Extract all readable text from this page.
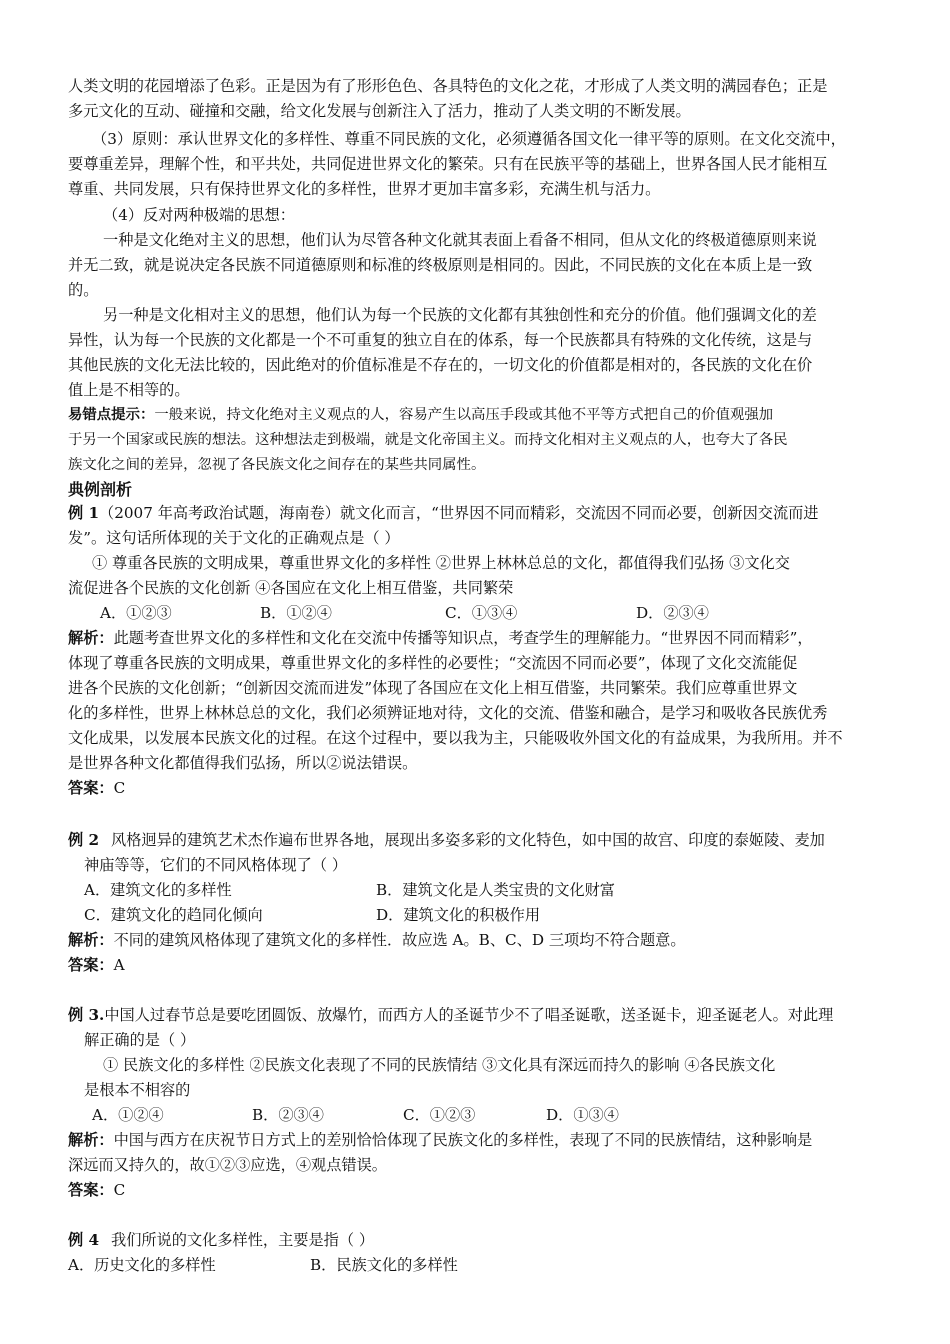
人类文明的花园增添了色彩。正是因为有了形形色色、各具特色的文化之花，才形成了人类文明的满园春色；正是
多元文化的互动、碰撞和交融，给文化发展与创新注入了活力，推动了人类文明的不断发展。
（3）原则：承认世界文化的多样性、尊重不同民族的文化，必须遵循各国文化一律平等的原则。在文化交流中，
要尊重差异，理解个性，和平共处，共同促进世界文化的繁荣。只有在民族平等的基础上，世界各国人民才能相互
尊重、共同发展，只有保持世界文化的多样性，世界才更加丰富多彩，充满生机与活力。
（4）反对两种极端的思想：
一种是文化绝对主义的思想，他们认为尽管各种文化就其表面上看备不相同，但从文化的终极道德原则来说
并无二致，就是说决定各民族不同道德原则和标准的终极原则是相同的。因此，不同民族的文化在本质上是一致
的。
另一种是文化相对主义的思想，他们认为每一个民族的文化都有其独创性和充分的价值。他们强调文化的差
异性，认为每一个民族的文化都是一个不可重复的独立自在的体系，每一个民族都具有特殊的文化传统，这是与
其他民族的文化无法比较的，因此绝对的价值标准是不存在的，一切文化的价值都是相对的，各民族的文化在价
值上是不相等的。
易错点提示：一般来说，持文化绝对主义观点的人，容易产生以高压手段或其他不平等方式把自己的价值观强加
于另一个国家或民族的想法。这种想法走到极端，就是文化帝国主义。而持文化相对主义观点的人，也夸大了各民
族文化之间的差异，忽视了各民族文化之间存在的某些共同属性。
典例剖析
例 1（2007 年高考政治试题，海南卷）就文化而言，“世界因不同而精彩，交流因不同而必要，创新因交流而进
发”。这句话所体现的关于文化的正确观点是（ ）
① 尊重各民族的文明成果，尊重世界文化的多样性 ②世界上林林总总的文化，都值得我们弘扬 ③文化交
流促进各个民族的文化创新 ④各国应在文化上相互借鉴，共同繁荣
A．①②③	B．①②④	C．①③④	D．②③④
解析：此题考查世界文化的多样性和文化在交流中传播等知识点，考查学生的理解能力。“世界因不同而精彩”，
体现了尊重各民族的文明成果，尊重世界文化的多样性的必要性；“交流因不同而必要”，体现了文化交流能促
进各个民族的文化创新；“创新因交流而进发”体现了各国应在文化上相互借鉴，共同繁荣。我们应尊重世界文
化的多样性，世界上林林总总的文化，我们必须辨证地对待，文化的交流、借鉴和融合，是学习和吸收各民族优秀
文化成果，以发展本民族文化的过程。在这个过程中，要以我为主，只能吸收外国文化的有益成果，为我所用。并不
是世界各种文化都值得我们弘扬，所以②说法错误。
答案：C
例 2 风格迥异的建筑艺术杰作遍布世界各地，展现出多姿多彩的文化特色，如中国的故宫、印度的泰姬陵、麦加
神庙等等，它们的不同风格体现了（ ）
A．建筑文化的多样性	B．建筑文化是人类宝贵的文化财富
C．建筑文化的趋同化倾向	D．建筑文化的积极作用
解析：不同的建筑风格体现了建筑文化的多样性．故应选 A。B、C、D 三项均不符合题意。
答案：A
例 3.中国人过春节总是要吃团圆饭、放爆竹，而西方人的圣诞节少不了唱圣诞歌，送圣诞卡，迎圣诞老人。对此理
解正确的是（ ）
① 民族文化的多样性 ②民族文化表现了不同的民族情结 ③文化具有深远而持久的影响 ④各民族文化
是根本不相容的
A．①②④	B．②③④	C．①②③	D．①③④
解析：中国与西方在庆祝节日方式上的差别恰恰体现了民族文化的多样性，表现了不同的民族情结，这种影响是
深远而又持久的，故①②③应选，④观点错误。
答案：C
例 4 我们所说的文化多样性，主要是指（ ）
A．历史文化的多样性	B．民族文化的多样性
